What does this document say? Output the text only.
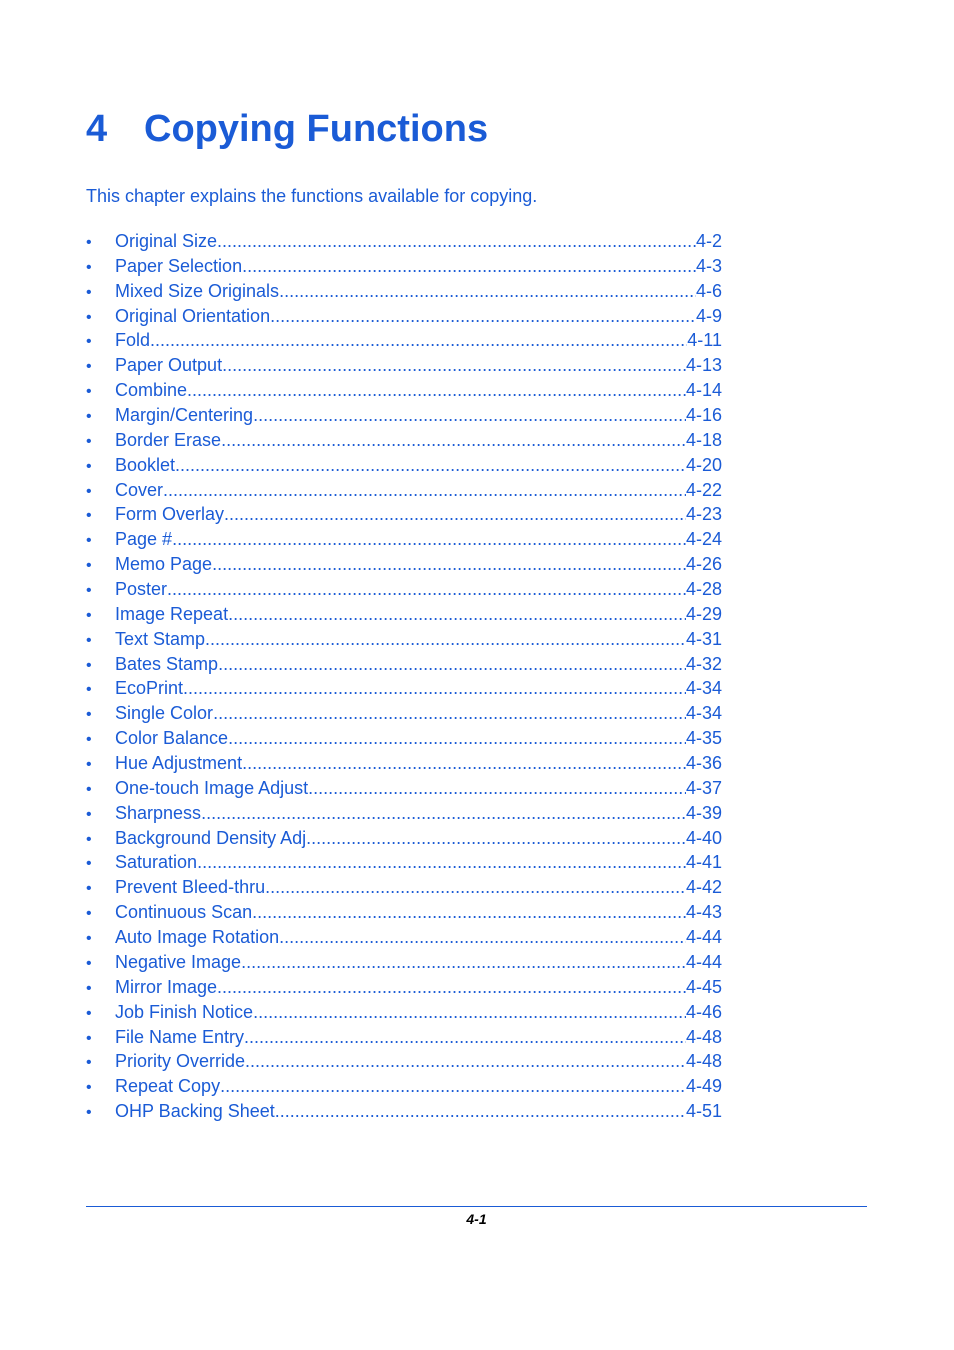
4 Copying Functions

This chapter explains the functions available for copying.

•	Original Size .....	4-2
•	Paper Selection .....	4-3
•	Mixed Size Originals .....	4-6
•	Original Orientation .....	4-9
•	Fold .....	4-11
•	Paper Output .....	4-13
•	Combine .....	4-14
•	Margin/Centering .....	4-16
•	Border Erase .....	4-18
•	Booklet .....	4-20
•	Cover .....	4-22
•	Form Overlay .....	4-23
•	Page # .....	4-24
•	Memo Page .....	4-26
•	Poster .....	4-28
•	Image Repeat .....	4-29
•	Text Stamp .....	4-31
•	Bates Stamp .....	4-32
•	EcoPrint .....	4-34
•	Single Color .....	4-34
•	Color Balance .....	4-35
•	Hue Adjustment .....	4-36
•	One-touch Image Adjust .....	4-37
•	Sharpness .....	4-39
•	Background Density Adj .....	4-40
•	Saturation .....	4-41
•	Prevent Bleed-thru .....	4-42
•	Continuous Scan .....	4-43
•	Auto Image Rotation .....	4-44
•	Negative Image .....	4-44
•	Mirror Image .....	4-45
•	Job Finish Notice .....	4-46
•	File Name Entry .....	4-48
•	Priority Override .....	4-48
•	Repeat Copy .....	4-49
•	OHP Backing Sheet .....	4-51
4-1
